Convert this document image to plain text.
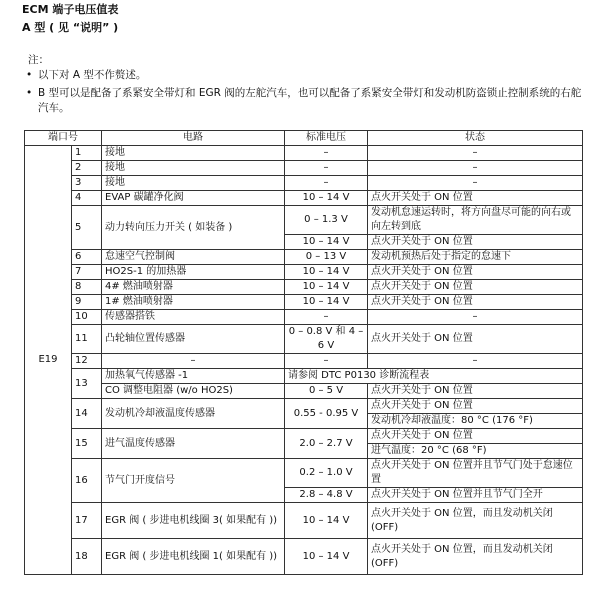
ECM 端子电压值表
A 型 ( 见 “说明” )
注：
• 以下对 A 型不作赘述。
• B 型可以是配备了系紧安全带灯和 EGR 阀的左舵汽车，也可以配备了系紧安全带灯和发动机防盗锁止控制系统的右舵汽车。
端口号		电路	标准电压	状态
E19	1	接地	–	–
	2	接地	–	–
	3	接地	–	–
	4	EVAP 碳罐净化阀	10 – 14 V	点火开关处于 ON 位置
	5	动力转向压力开关 ( 如装备 )	0 – 1.3 V	发动机怠速运转时，将方向盘尽可能的向右或向左转到底
			10 – 14 V	点火开关处于 ON 位置
	6	怠速空气控制阀	0 – 13 V	发动机预热后处于指定的怠速下
	7	HO2S-1 的加热器	10 – 14 V	点火开关处于 ON 位置
	8	4# 燃油喷射器	10 – 14 V	点火开关处于 ON 位置
	9	1# 燃油喷射器	10 – 14 V	点火开关处于 ON 位置
	10	传感器搭铁	–	–
	11	凸轮轴位置传感器	0 – 0.8 V 和 4 – 6 V	点火开关处于 ON 位置
	12	–	–	–
	13	加热氧气传感器 -1	请参阅 DTC P0130 诊断流程表	
		CO 调整电阻器 (w/o HO2S)	0 – 5 V	点火开关处于 ON 位置
	14	发动机冷却液温度传感器	0.55 - 0.95 V	点火开关处于 ON 位置
				发动机冷却液温度：80 °C (176 °F)
	15	进气温度传感器	2.0 – 2.7 V	点火开关处于 ON 位置
				进气温度：20 °C (68 °F)
	16	节气门开度信号	0.2 – 1.0 V	点火开关处于 ON 位置并且节气门处于怠速位置
			2.8 – 4.8 V	点火开关处于 ON 位置并且节气门全开
	17	EGR 阀 ( 步进电机线圈 3( 如果配有 ))	10 – 14 V	点火开关处于 ON 位置，而且发动机关闭 (OFF)
	18	EGR 阀 ( 步进电机线圈 1( 如果配有 ))	10 – 14 V	点火开关处于 ON 位置，而且发动机关闭 (OFF)
